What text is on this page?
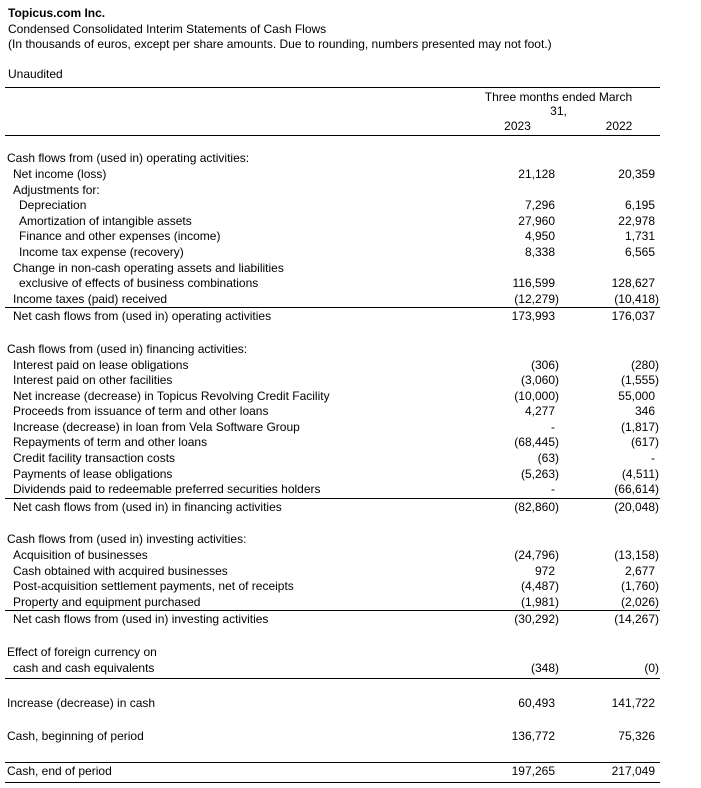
Topicus.com Inc.
Condensed Consolidated Interim Statements of Cash Flows
(In thousands of euros, except per share amounts. Due to rounding, numbers presented may not foot.)
Unaudited
Three months ended March 31,
2023	2022
Cash flows from (used in) operating activities:
Net income (loss)	21,128	20,359
Adjustments for:
Depreciation	7,296	6,195
Amortization of intangible assets	27,960	22,978
Finance and other expenses (income)	4,950	1,731
Income tax expense (recovery)	8,338	6,565
Change in non-cash operating assets and liabilities
exclusive of effects of business combinations	116,599	128,627
Income taxes (paid) received	(12,279)	(10,418)
Net cash flows from (used in) operating activities	173,993	176,037
Cash flows from (used in) financing activities:
Interest paid on lease obligations	(306)	(280)
Interest paid on other facilities	(3,060)	(1,555)
Net increase (decrease) in Topicus Revolving Credit Facility	(10,000)	55,000
Proceeds from issuance of term and other loans	4,277	346
Increase (decrease) in loan from Vela Software Group	-	(1,817)
Repayments of term and other loans	(68,445)	(617)
Credit facility transaction costs	(63)	-
Payments of lease obligations	(5,263)	(4,511)
Dividends paid to redeemable preferred securities holders	-	(66,614)
Net cash flows from (used in) in financing activities	(82,860)	(20,048)
Cash flows from (used in) investing activities:
Acquisition of businesses	(24,796)	(13,158)
Cash obtained with acquired businesses	972	2,677
Post-acquisition settlement payments, net of receipts	(4,487)	(1,760)
Property and equipment purchased	(1,981)	(2,026)
Net cash flows from (used in) investing activities	(30,292)	(14,267)
Effect of foreign currency on
cash and cash equivalents	(348)	(0)
Increase (decrease) in cash	60,493	141,722
Cash, beginning of period	136,772	75,326
Cash, end of period	197,265	217,049
